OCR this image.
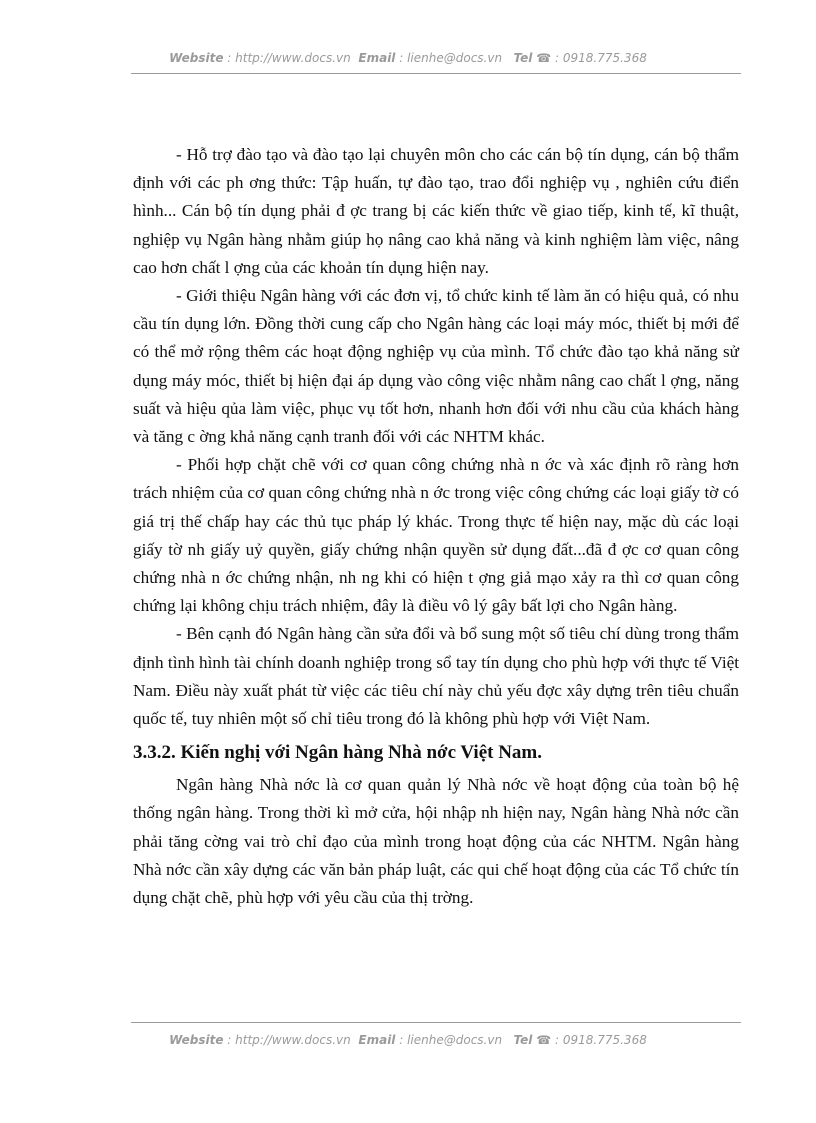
Website : http://www.docs.vn Email : lienhe@docs.vn Tel ☎ : 0918.775.368

- Hỗ trợ đào tạo và đào tạo lại chuyên môn cho các cán bộ tín dụng, cán bộ thẩm định với các ph ơng thức: Tập huấn, tự đào tạo, trao đổi nghiệp vụ , nghiên cứu điển hình... Cán bộ tín dụng phải đ ợc trang bị các kiến thức về giao tiếp, kinh tế, kĩ thuật, nghiệp vụ Ngân hàng nhằm giúp họ nâng cao khả năng và kinh nghiệm làm việc, nâng cao hơn chất l ợng của các khoản tín dụng hiện nay.

- Giới thiệu Ngân hàng với các đơn vị, tổ chức kinh tế làm ăn có hiệu quả, có nhu cầu tín dụng lớn. Đồng thời cung cấp cho Ngân hàng các loại máy móc, thiết bị mới để có thể mở rộng thêm các hoạt động nghiệp vụ của mình. Tổ chức đào tạo khả năng sử dụng máy móc, thiết bị hiện đại áp dụng vào công việc nhằm nâng cao chất l ợng, năng suất và hiệu qủa làm việc, phục vụ tốt hơn, nhanh hơn đối với nhu cầu của khách hàng và tăng c ờng khả năng cạnh tranh đối với các NHTM khác.

- Phối hợp chặt chẽ với cơ quan công chứng nhà n ớc và xác định rõ ràng hơn trách nhiệm của cơ quan công chứng nhà n ớc trong việc công chứng các loại giấy tờ có giá trị thế chấp hay các thủ tục pháp lý khác. Trong thực tế hiện nay, mặc dù các loại giấy tờ nh giấy uỷ quyền, giấy chứng nhận quyền sử dụng đất...đã đ ợc cơ quan công chứng nhà n ớc chứng nhận, nh ng khi có hiện t ợng giả mạo xảy ra thì cơ quan công chứng lại không chịu trách nhiệm, đây là điều vô lý gây bất lợi cho Ngân hàng.

- Bên cạnh đó Ngân hàng cần sửa đổi và bổ sung một số tiêu chí dùng trong thẩm định tình hình tài chính doanh nghiệp trong sổ tay tín dụng cho phù hợp với thực tế Việt Nam. Điều này xuất phát từ việc các tiêu chí này chủ yếu đợc xây dựng trên tiêu chuẩn quốc tế, tuy nhiên một số chỉ tiêu trong đó là không phù hợp với Việt Nam.

3.3.2. Kiến nghị với Ngân hàng Nhà nớc Việt Nam.

Ngân hàng Nhà nớc là cơ quan quản lý Nhà nớc về hoạt động của toàn bộ hệ thống ngân hàng. Trong thời kì mở cửa, hội nhập nh hiện nay, Ngân hàng Nhà nớc cần phải tăng cờng vai trò chỉ đạo của mình trong hoạt động của các NHTM. Ngân hàng Nhà nớc cần xây dựng các văn bản pháp luật, các qui chế hoạt động của các Tổ chức tín dụng chặt chẽ, phù hợp với yêu cầu của thị trờng.

Website : http://www.docs.vn Email : lienhe@docs.vn Tel ☎ : 0918.775.368
